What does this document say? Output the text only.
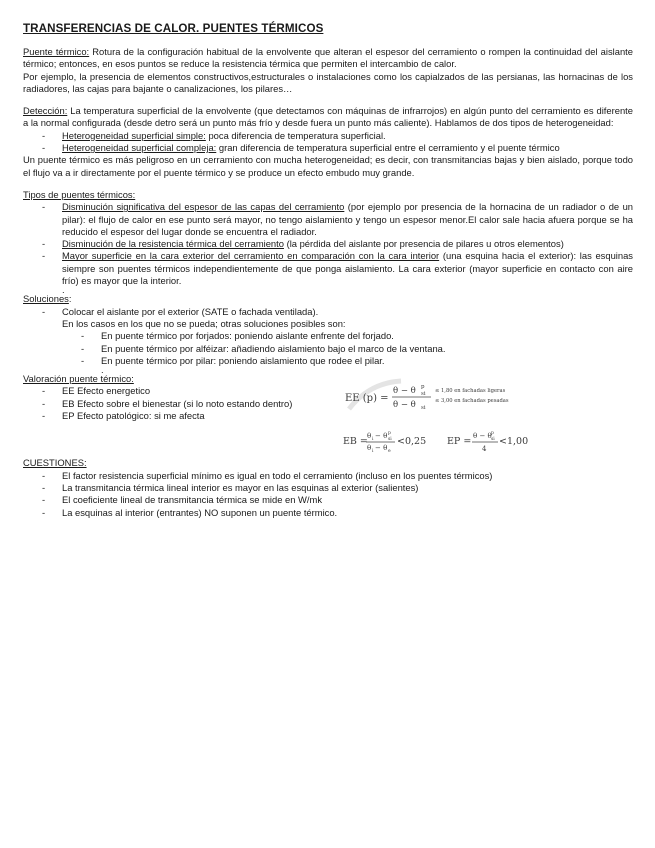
TRANSFERENCIAS DE CALOR. PUENTES TÉRMICOS

Puente térmico: Rotura de la configuración habitual de la envolvente que alteran el espesor del cerramiento o rompen la continuidad del aislante térmico; entonces, en esos puntos se reduce la resistencia térmica que permiten el intercambio de calor.

Por ejemplo, la presencia de elementos constructivos,estructurales o instalaciones como los capialzados de las persianas, las hornacinas de los radiadores, las cajas para bajante o canalizaciones, los pilares…

Detección: La temperatura superficial de la envolvente (que detectamos con máquinas de infrarrojos) en algún punto del cerramiento es diferente a la normal configurada (desde detro será un punto más frío y desde fuera un punto más caliente). Hablamos de dos tipos de heterogeneidad:

- Heterogeneidad superficial simple: poca diferencia de temperatura superficial.
- Heterogeneidad superficial compleja: gran diferencia de temperatura superficial entre el cerramiento y el puente térmico

Un puente térmico es más peligroso en un cerramiento con mucha heterogeneidad; es decir, con transmitancias bajas y bien aislado, porque todo el flujo va a ir directamente por el puente térmico y se produce un efecto embudo muy grande.

Tipos de puentes térmicos:

- Disminución significativa del espesor de las capas del cerramiento (por ejemplo por presencia de la hornacina de un radiador o de un pilar): el flujo de calor en ese punto será mayor, no tengo aislamiento y tengo un espesor menor.El calor sale hacia afuera porque se ha reducido el espesor del lugar donde se encuentra el radiador.
- Disminución de la resistencia térmica del cerramiento (la pérdida del aislante por presencia de pilares u otros elementos)
- Mayor superficie en la cara exterior del cerramiento en comparación con la cara interior (una esquina hacia el exterior): las esquinas siempre son puentes térmicos independientemente de que ponga aislamiento. La cara exterior (mayor superficie en contacto con aire frío) es mayor que la interior.
.

Soluciones:

- Colocar el aislante por el exterior (SATE o fachada ventilada).

En los casos en los que no se pueda; otras soluciones posibles son:

- En puente térmico por forjados: poniendo aislante enfrente del forjado.
- En puente térmico por alféizar: añadiendo aislamiento bajo el marco de la ventana.
- En puente térmico por pilar: poniendo aislamiento que rodee el pilar.
.

Valoración puente térmico:

- EE Efecto energetico
- EB Efecto sobre el bienestar (si lo noto estando dentro)
- EP Efecto patológico: si me afecta
EE (p) =
θ − θ si
p
θ − θ si
≤ 1,80 en fachadas ligeras
≤ 3,00 en fachadas pesadas
EB = θ i − θ p
si
θ i − θ e
<0,25 EP = θ − θ p
si
4
<1,00

CUESTIONES:

- El factor resistencia superficial mínimo es igual en todo el cerramiento (incluso en los puentes térmicos)
- La transmitancia térmica lineal interior es mayor en las esquinas al exterior (salientes)
- El coeficiente lineal de transmitancia térmica se mide en W/mk
- La esquinas al interior (entrantes) NO suponen un puente térmico.
